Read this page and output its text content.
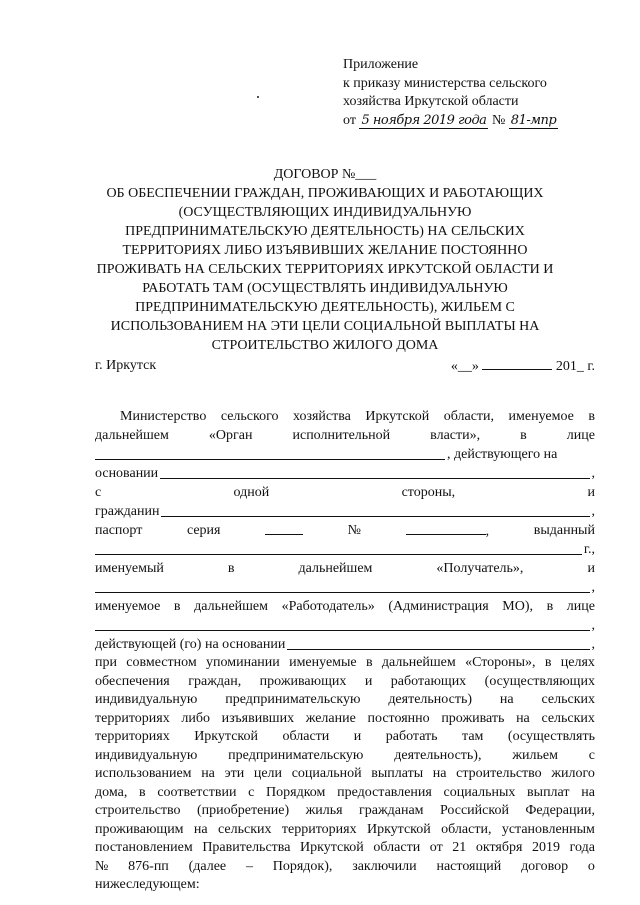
Приложение
к приказу министерства сельского
хозяйства Иркутской области
от 5 ноября 2019 года № 81-мпр
ДОГОВОР №___
ОБ ОБЕСПЕЧЕНИИ ГРАЖДАН, ПРОЖИВАЮЩИХ И РАБОТАЮЩИХ
(ОСУЩЕСТВЛЯЮЩИХ ИНДИВИДУАЛЬНУЮ
ПРЕДПРИНИМАТЕЛЬСКУЮ ДЕЯТЕЛЬНОСТЬ) НА СЕЛЬСКИХ
ТЕРРИТОРИЯХ ЛИБО ИЗЪЯВИВШИХ ЖЕЛАНИЕ ПОСТОЯННО
ПРОЖИВАТЬ НА СЕЛЬСКИХ ТЕРРИТОРИЯХ ИРКУТСКОЙ ОБЛАСТИ И
РАБОТАТЬ ТАМ (ОСУЩЕСТВЛЯТЬ ИНДИВИДУАЛЬНУЮ
ПРЕДПРИНИМАТЕЛЬСКУЮ ДЕЯТЕЛЬНОСТЬ), ЖИЛЬЕМ С
ИСПОЛЬЗОВАНИЕМ НА ЭТИ ЦЕЛИ СОЦИАЛЬНОЙ ВЫПЛАТЫ НА
СТРОИТЕЛЬСТВО ЖИЛОГО ДОМА
г. Иркутск	«__»	201_ г.
Министерство сельского хозяйства Иркутской области, именуемое в
дальнейшем	«Орган	исполнительной	власти»,	в	лице
, действующего на
основании	,
с	одной	стороны,	и
гражданин	,
паспорт	серия	№	,	выданный
г.,
именуемый	в	дальнейшем	«Получатель»,	и
,
именуемое в дальнейшем «Работодатель» (Администрация МО), в лице
,
действующей (го) на основании	,
при совместном упоминании именуемые в дальнейшем «Стороны», в целях
обеспечения граждан, проживающих и работающих (осуществляющих
индивидуальную предпринимательскую деятельность) на сельских
территориях либо изъявивших желание постоянно проживать на сельских
территориях Иркутской области и работать там (осуществлять
индивидуальную предпринимательскую деятельность), жильем с
использованием на эти цели социальной выплаты на строительство жилого
дома, в соответствии с Порядком предоставления социальных выплат на
строительство (приобретение) жилья гражданам Российской Федерации,
проживающим на сельских территориях Иркутской области, установленным
постановлением Правительства Иркутской области от 21 октября 2019 года
№ 876-пп (далее – Порядок), заключили настоящий договор о
нижеследующем:
